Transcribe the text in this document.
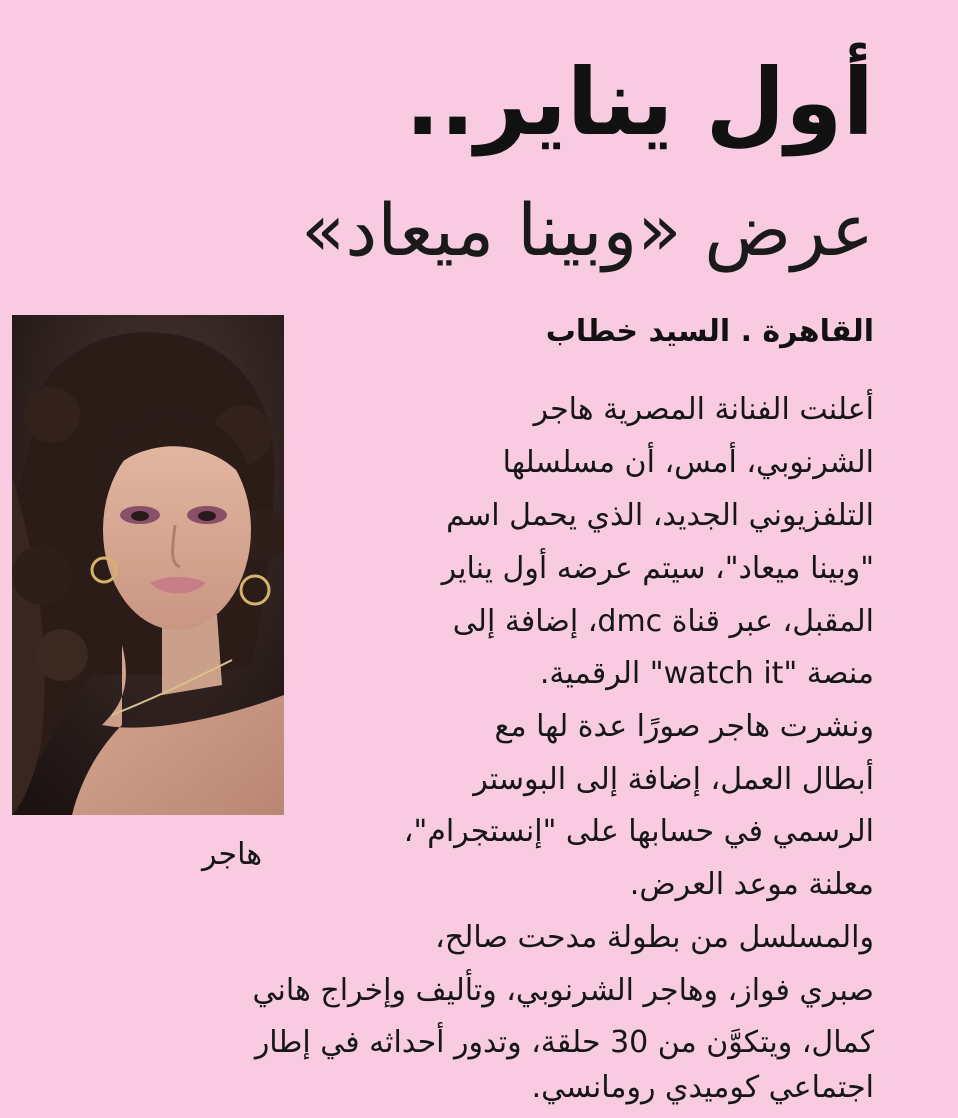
أول يناير..
عرض «وبينا ميعاد»
القاهرة . السيد خطاب
هاجر
أعلنت الفنانة المصرية هاجر
الشرنوبي، أمس، أن مسلسلها
التلفزيوني الجديد، الذي يحمل اسم
"وبينا ميعاد"، سيتم عرضه أول يناير
المقبل، عبر قناة dmc، إضافة إلى
منصة "watch it" الرقمية.
ونشرت هاجر صورًا عدة لها مع
أبطال العمل، إضافة إلى البوستر
الرسمي في حسابها على "إنستجرام"،
معلنة موعد العرض.
والمسلسل من بطولة مدحت صالح،
صبري فواز، وهاجر الشرنوبي، وتأليف وإخراج هاني
كمال، ويتكوَّن من 30 حلقة، وتدور أحداثه في إطار
اجتماعي كوميدي رومانسي.
